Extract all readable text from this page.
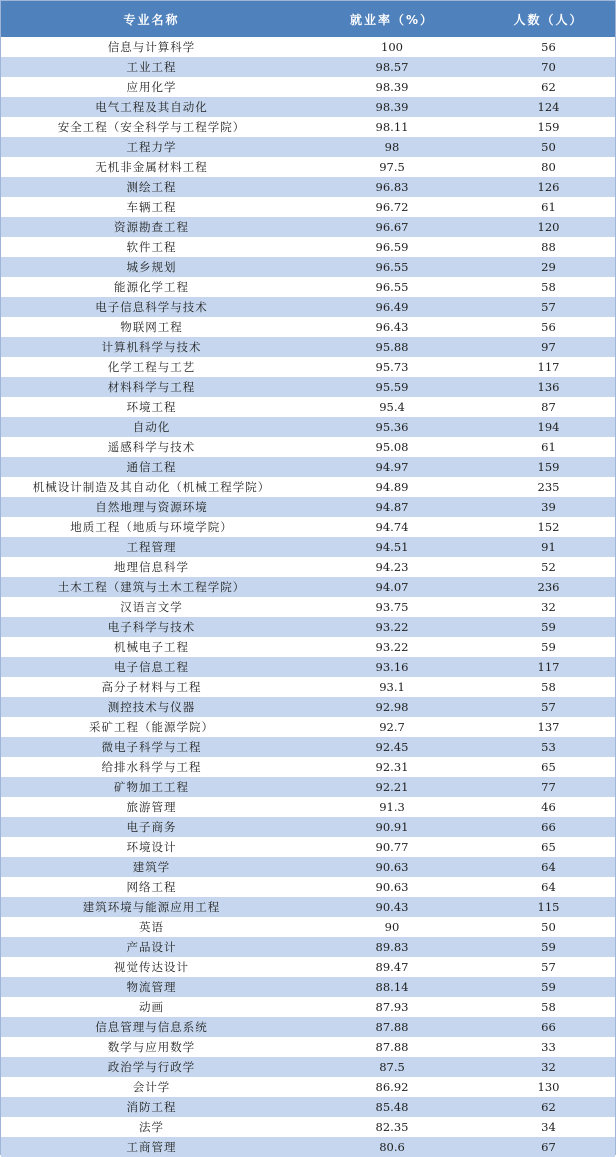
专业名称	就业率（%）	人数（人）
信息与计算科学	100	56
工业工程	98.57	70
应用化学	98.39	62
电气工程及其自动化	98.39	124
安全工程（安全科学与工程学院）	98.11	159
工程力学	98	50
无机非金属材料工程	97.5	80
测绘工程	96.83	126
车辆工程	96.72	61
资源勘查工程	96.67	120
软件工程	96.59	88
城乡规划	96.55	29
能源化学工程	96.55	58
电子信息科学与技术	96.49	57
物联网工程	96.43	56
计算机科学与技术	95.88	97
化学工程与工艺	95.73	117
材料科学与工程	95.59	136
环境工程	95.4	87
自动化	95.36	194
遥感科学与技术	95.08	61
通信工程	94.97	159
机械设计制造及其自动化（机械工程学院）	94.89	235
自然地理与资源环境	94.87	39
地质工程（地质与环境学院）	94.74	152
工程管理	94.51	91
地理信息科学	94.23	52
土木工程（建筑与土木工程学院）	94.07	236
汉语言文学	93.75	32
电子科学与技术	93.22	59
机械电子工程	93.22	59
电子信息工程	93.16	117
高分子材料与工程	93.1	58
测控技术与仪器	92.98	57
采矿工程（能源学院）	92.7	137
微电子科学与工程	92.45	53
给排水科学与工程	92.31	65
矿物加工工程	92.21	77
旅游管理	91.3	46
电子商务	90.91	66
环境设计	90.77	65
建筑学	90.63	64
网络工程	90.63	64
建筑环境与能源应用工程	90.43	115
英语	90	50
产品设计	89.83	59
视觉传达设计	89.47	57
物流管理	88.14	59
动画	87.93	58
信息管理与信息系统	87.88	66
数学与应用数学	87.88	33
政治学与行政学	87.5	32
会计学	86.92	130
消防工程	85.48	62
法学	82.35	34
工商管理	80.6	67
